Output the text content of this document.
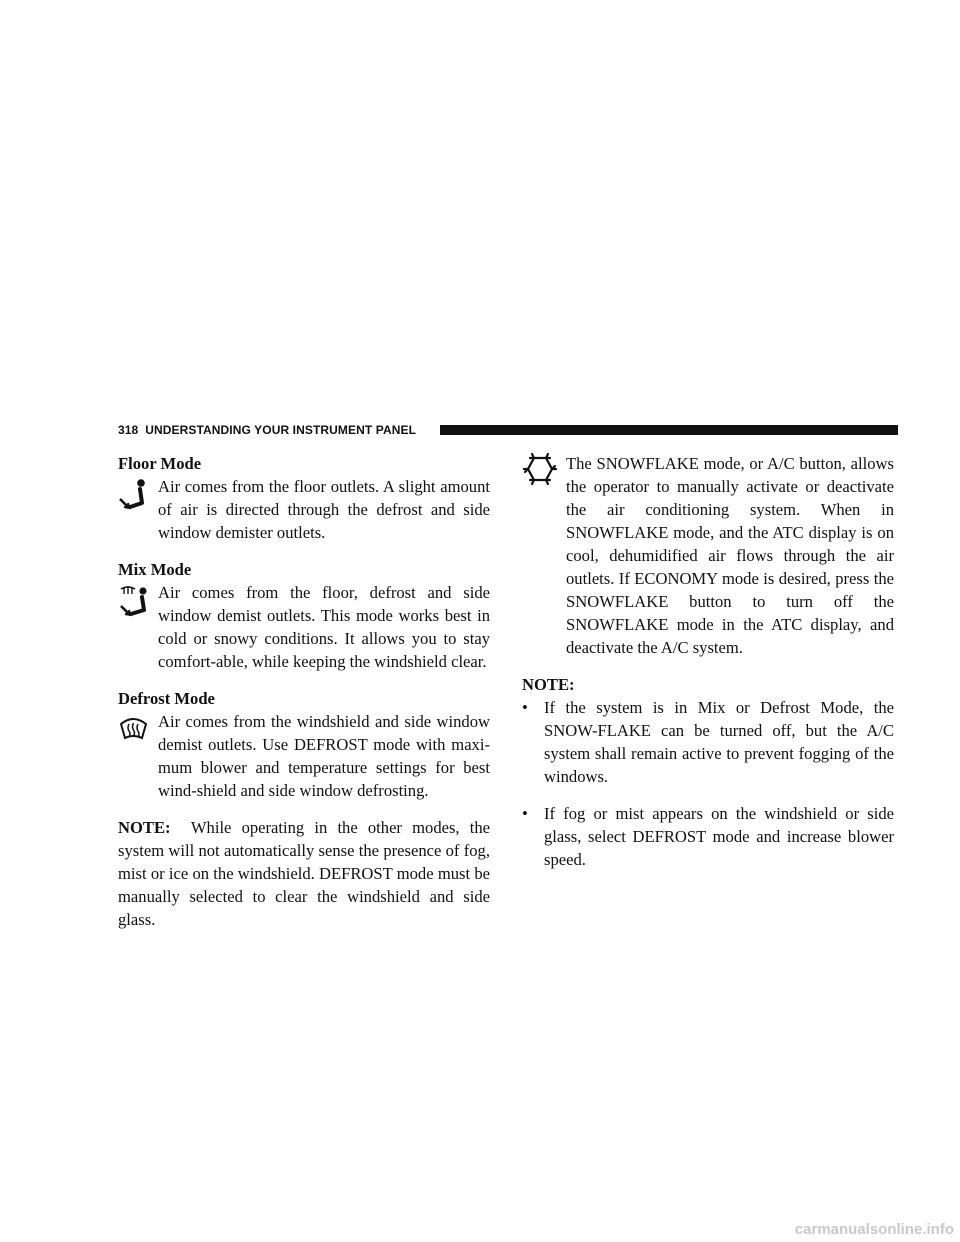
318 UNDERSTANDING YOUR INSTRUMENT PANEL
Floor Mode

Air comes from the floor outlets. A slight amount of air is directed through the defrost and side window demister outlets.

Mix Mode

Air comes from the floor, defrost and side window demist outlets. This mode works best in cold or snowy conditions. It allows you to stay comfort-able, while keeping the windshield clear.

Defrost Mode

Air comes from the windshield and side window demist outlets. Use DEFROST mode with maxi-mum blower and temperature settings for best wind-shield and side window defrosting.

NOTE: While operating in the other modes, the system will not automatically sense the presence of fog, mist or ice on the windshield. DEFROST mode must be manually selected to clear the windshield and side glass.

The SNOWFLAKE mode, or A/C button, allows the operator to manually activate or deactivate the air conditioning system. When in SNOWFLAKE mode, and the ATC display is on cool, dehumidified air flows through the air outlets. If ECONOMY mode is desired, press the SNOWFLAKE button to turn off the SNOWFLAKE mode in the ATC display, and deactivate the A/C system.

NOTE:
• If the system is in Mix or Defrost Mode, the SNOW-FLAKE can be turned off, but the A/C system shall remain active to prevent fogging of the windows.
• If fog or mist appears on the windshield or side glass, select DEFROST mode and increase blower speed.
carmanualsonline.info
